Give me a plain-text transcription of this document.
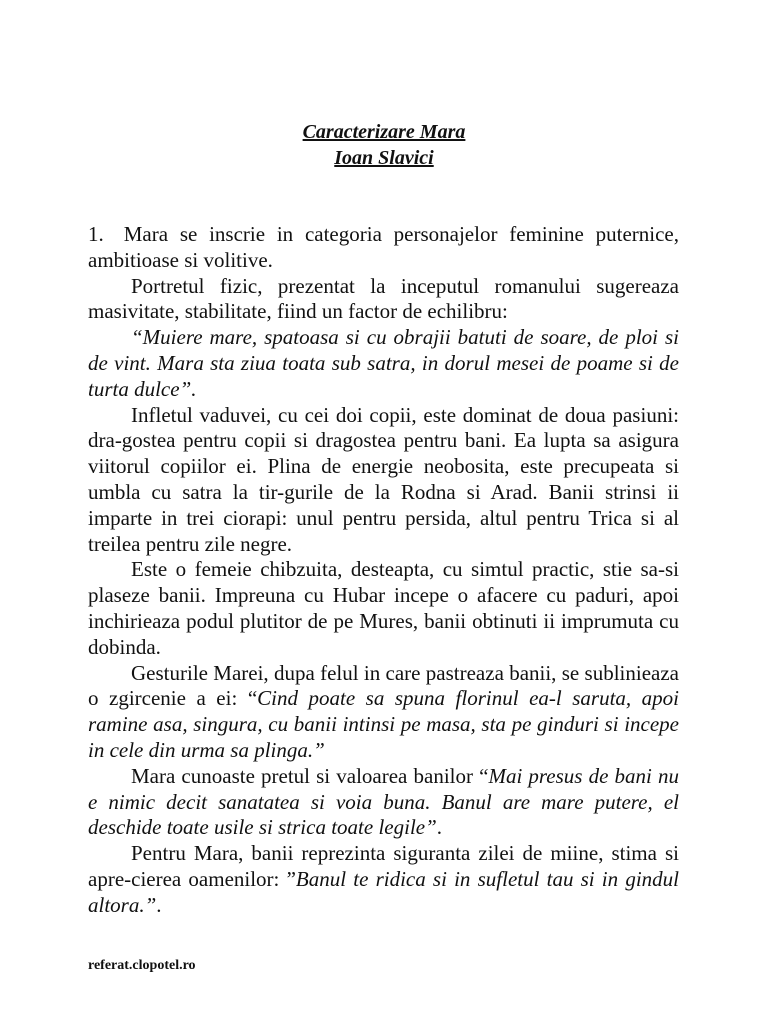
Caracterizare Mara
Ioan Slavici

1. Mara se inscrie in categoria personajelor feminine puternice, ambitioase si volitive.

Portretul fizic, prezentat la inceputul romanului sugereaza masivitate, stabilitate, fiind un factor de echilibru:

“Muiere mare, spatoasa si cu obrajii batuti de soare, de ploi si de vint. Mara sta ziua toata sub satra, in dorul mesei de poame si de turta dulce”.

Infletul vaduvei, cu cei doi copii, este dominat de doua pasiuni: dra-gostea pentru copii si dragostea pentru bani. Ea lupta sa asigura viitorul copiilor ei. Plina de energie neobosita, este precupeata si umbla cu satra la tir-gurile de la Rodna si Arad. Banii strinsi ii imparte in trei ciorapi: unul pentru persida, altul pentru Trica si al treilea pentru zile negre.

Este o femeie chibzuita, desteapta, cu simtul practic, stie sa-si plaseze banii. Impreuna cu Hubar incepe o afacere cu paduri, apoi inchirieaza podul plutitor de pe Mures, banii obtinuti ii imprumuta cu dobinda.

Gesturile Marei, dupa felul in care pastreaza banii, se sublinieaza o zgircenie a ei: “Cind poate sa spuna florinul ea-l saruta, apoi ramine asa, singura, cu banii intinsi pe masa, sta pe ginduri si incepe in cele din urma sa plinga.”

Mara cunoaste pretul si valoarea banilor “Mai presus de bani nu e nimic decit sanatatea si voia buna. Banul are mare putere, el deschide toate usile si strica toate legile”.

Pentru Mara, banii reprezinta siguranta zilei de miine, stima si apre-cierea oamenilor: ”Banul te ridica si in sufletul tau si in gindul altora.”.

referat.clopotel.ro
